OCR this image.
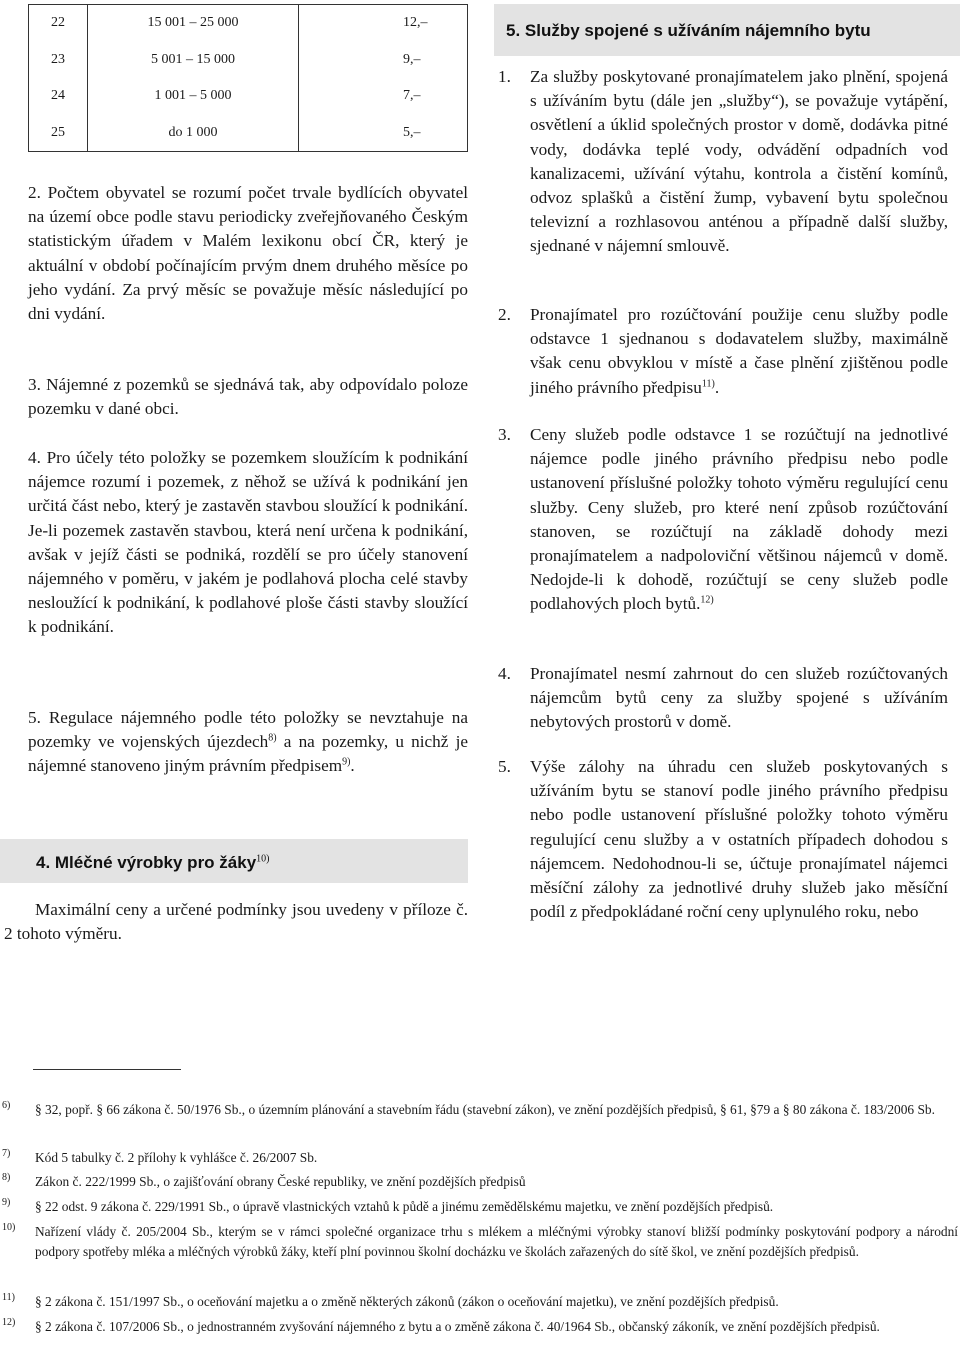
22	15 001 – 25 000	12,–
23	5 001 – 15 000	9,–
24	1 001 – 5 000	7,–
25	do 1 000	5,–

2. Počtem obyvatel se rozumí počet trvale bydlících obyvatel na území obce podle stavu periodicky zveřejňovaného Českým statistickým úřadem v Malém lexikonu obcí ČR, který je aktuální v období počínajícím prvým dnem druhého měsíce po jeho vydání. Za prvý měsíc se považuje měsíc následující po dni vydání.

3. Nájemné z pozemků se sjednává tak, aby odpovídalo poloze pozemku v dané obci.

4. Pro účely této položky se pozemkem sloužícím k podnikání nájemce rozumí i pozemek, z něhož se užívá k podnikání jen určitá část nebo, který je zastavěn stavbou sloužící k podnikání. Je-li pozemek zastavěn stavbou, která není určena k podnikání, avšak v jejíž části se podniká, rozdělí se pro účely stanovení nájemného v poměru, v jakém je podlahová plocha celé stavby nesloužící k podnikání, k podlahové ploše části stavby sloužící k podnikání.

5. Regulace nájemného podle této položky se nevztahuje na pozemky ve vojenských újezdech$^{8)}$ a na pozemky, u nichž je nájemné stanoveno jiným právním předpisem$^{9)}$.

4. Mléčné výrobky pro žáky$^{10)}$
Maximální ceny a určené podmínky jsou uvedeny v příloze č. 2 tohoto výměru.
5. Služby spojené s užíváním nájemního bytu
1. Za služby poskytované pronajímatelem jako plnění, spojená s užíváním bytu (dále jen „služby“), se považuje vytápění, osvětlení a úklid společných prostor v domě, dodávka pitné vody, dodávka teplé vody, odvádění odpadních vod kanalizacemi, užívání výtahu, kontrola a čistění komínů, odvoz splašků a čistění žump, vybavení bytu společnou televizní a rozhlasovou anténou a případně další služby, sjednané v nájemní smlouvě.

2. Pronajímatel pro rozúčtování použije cenu služby podle odstavce 1 sjednanou s dodavatelem služby, maximálně však cenu obvyklou v místě a čase plnění zjištěnou podle jiného právního předpisu$^{11)}$.

3. Ceny služeb podle odstavce 1 se rozúčtují na jednotlivé nájemce podle jiného právního předpisu nebo podle ustanovení příslušné položky tohoto výměru regulující cenu služby. Ceny služeb, pro které není způsob rozúčtování stanoven, se rozúčtují na základě dohody mezi pronajímatelem a nadpoloviční většinou nájemců v domě. Nedojde-li k dohodě, rozúčtují se ceny služeb podle podlahových ploch bytů.$^{12)}$

4. Pronajímatel nesmí zahrnout do cen služeb rozúčtovaných nájemcům bytů ceny za služby spojené s užíváním nebytových prostorů v domě.

5. Výše zálohy na úhradu cen služeb poskytovaných s užíváním bytu se stanoví podle jiného právního předpisu nebo podle ustanovení příslušné položky tohoto výměru regulující cenu služby a v ostatních případech dohodou s nájemcem. Nedohodnou-li se, účtuje pronajímatel nájemci měsíční zálohy za jednotlivé druhy služeb jako měsíční podíl z předpokládané roční ceny uplynulého roku, nebo

6) § 32, popř. § 66 zákona č. 50/1976 Sb., o územním plánování a stavebním řádu (stavební zákon), ve znění pozdějších předpisů, § 61, §79 a § 80 zákona č. 183/2006 Sb.
7) Kód 5 tabulky č. 2 přílohy k vyhlášce č. 26/2007 Sb.
8) Zákon č. 222/1999 Sb., o zajišťování obrany České republiky, ve znění pozdějších předpisů
9) § 22 odst. 9 zákona č. 229/1991 Sb., o úpravě vlastnických vztahů k půdě a jinému zemědělskému majetku, ve znění pozdějších předpisů.
10) Nařízení vlády č. 205/2004 Sb., kterým se v rámci společné organizace trhu s mlékem a mléčnými výrobky stanoví bližší podmínky poskytování podpory a národní podpory spotřeby mléka a mléčných výrobků žáky, kteří plní povinnou školní docházku ve školách zařazených do sítě škol, ve znění pozdějších předpisů.
11) § 2 zákona č. 151/1997 Sb., o oceňování majetku a o změně některých zákonů (zákon o oceňování majetku), ve znění pozdějších předpisů.
12) § 2 zákona č. 107/2006 Sb., o jednostranném zvyšování nájemného z bytu a o změně zákona č. 40/1964 Sb., občanský zákoník, ve znění pozdějších předpisů.
